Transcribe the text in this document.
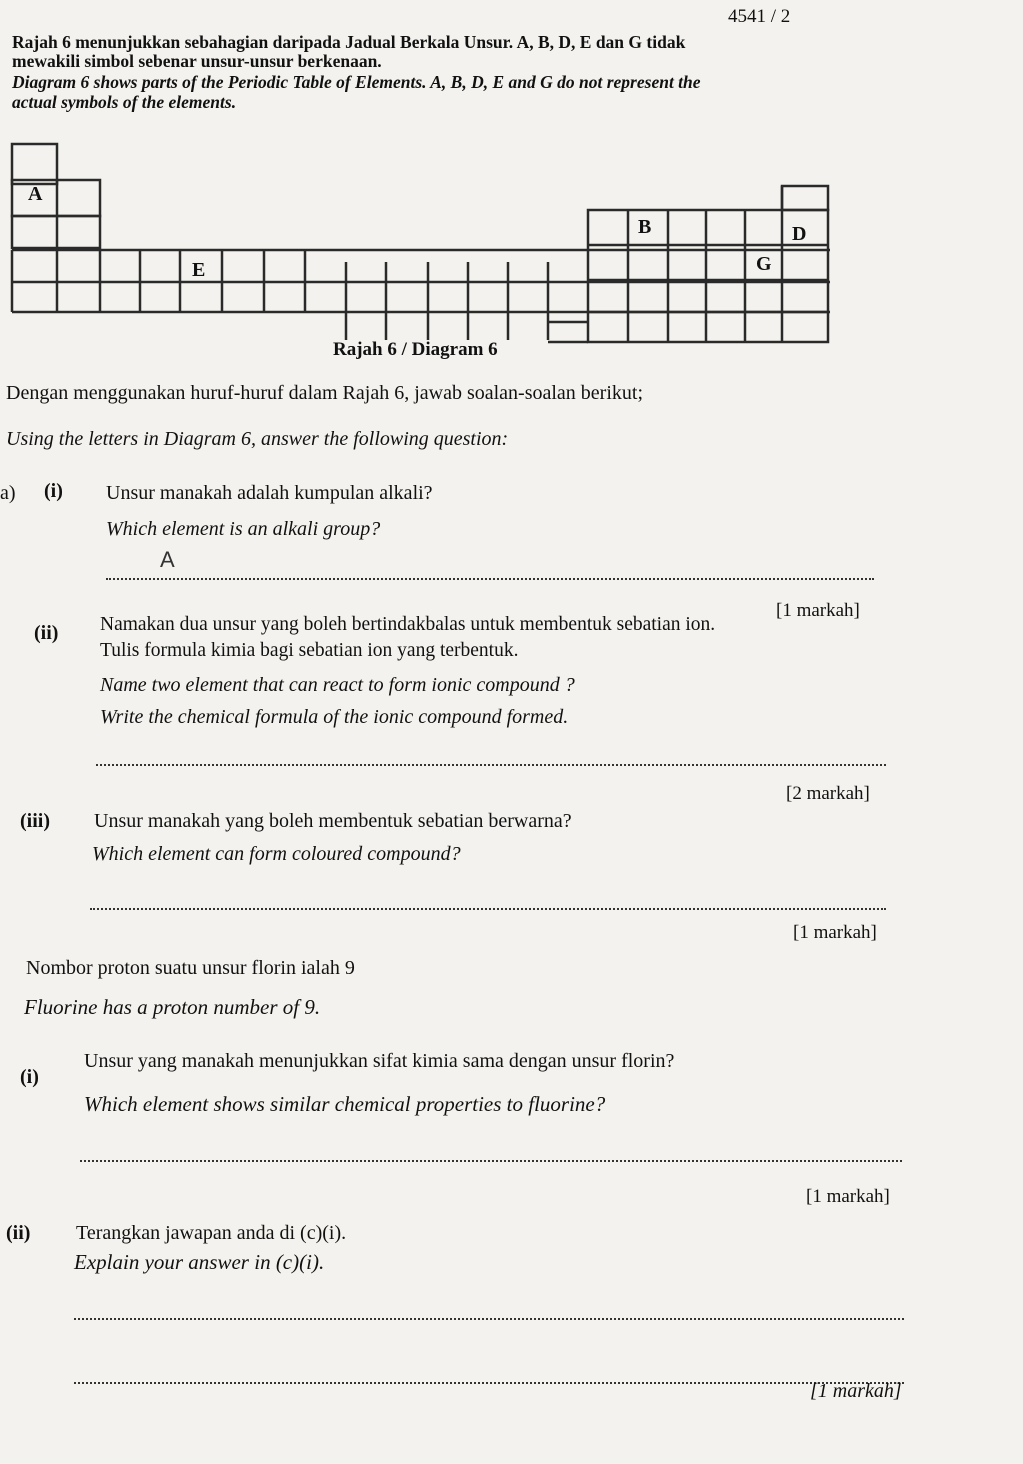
4541 / 2
Rajah 6 menunjukkan sebahagian daripada Jadual Berkala Unsur. A, B, D, E dan G tidak
mewakili simbol sebenar unsur-unsur berkenaan.
Diagram 6 shows parts of the Periodic Table of Elements. A, B, D, E and G do not represent the
actual symbols of the elements.
A
B	D
E	G
Rajah 6 / Diagram 6
Dengan menggunakan huruf-huruf dalam Rajah 6, jawab soalan-soalan berikut;
Using the letters in Diagram 6, answer the following question:
a) (i) Unsur manakah adalah kumpulan alkali?
Which element is an alkali group?
A
[1 markah]
(ii) Namakan dua unsur yang boleh bertindakbalas untuk membentuk sebatian ion.
Tulis formula kimia bagi sebatian ion yang terbentuk.
Name two element that can react to form ionic compound ?
Write the chemical formula of the ionic compound formed.
[2 markah]
(iii) Unsur manakah yang boleh membentuk sebatian berwarna?
Which element can form coloured compound?
[1 markah]
Nombor proton suatu unsur florin ialah 9
Fluorine has a proton number of 9.
(i)
Unsur yang manakah menunjukkan sifat kimia sama dengan unsur florin?
Which element shows similar chemical properties to fluorine?
[1 markah]
(ii) Terangkan jawapan anda di (c)(i).
Explain your answer in (c)(i).
[1 markah]
